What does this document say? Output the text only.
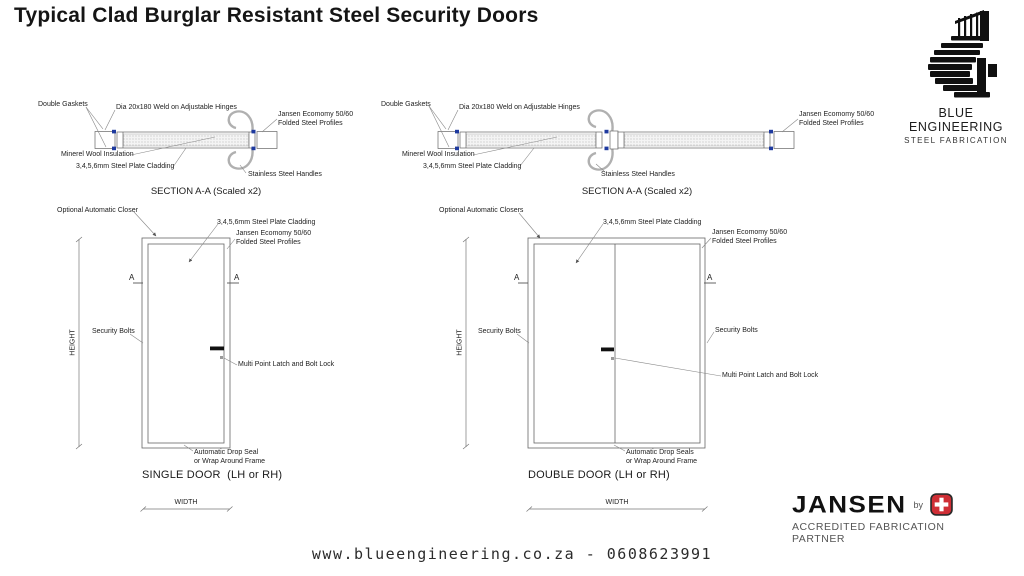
Typical Clad Burglar Resistant Steel Security Doors
Double Gaskets	Dia 20x180 Weld on Adjustable Hinges
Jansen Ecomomy 50/60
Folded Steel Profiles
Minerel Wool Insulation
3,4,5,6mm Steel Plate Cladding
Stainless Steel Handles
SECTION A-A (Scaled x2)
Double Gaskets	Dia 20x180 Weld on Adjustable Hinges
Jansen Ecomomy 50/60
Folded Steel Profiles
Minerel Wool Insulation
3,4,5,6mm Steel Plate Cladding
Stainless Steel Handles
SECTION A-A (Scaled x2)
Optional Automatic Closer
3,4,5,6mm Steel Plate Cladding
Jansen Ecomomy 50/60
Folded Steel Profiles
HEIGHT
A	A
Security Bolts
Multi Point Latch and Bolt Lock
Automatic Drop Seal
or Wrap Around Frame
SINGLE DOOR  (LH or RH)
WIDTH
Optional Automatic Closers
3,4,5,6mm Steel Plate Cladding
Jansen Ecomomy 50/60
Folded Steel Profiles
HEIGHT
A	A
Security Bolts	Security Bolts
Multi Point Latch and Bolt Lock
Automatic Drop Seals
or Wrap Around Frame
DOUBLE DOOR (LH or RH)
WIDTH
BLUE ENGINEERING
STEEL FABRICATION
JANSEN by
ACCREDITED FABRICATION PARTNER
www.blueengineering.co.za - 0608623991
